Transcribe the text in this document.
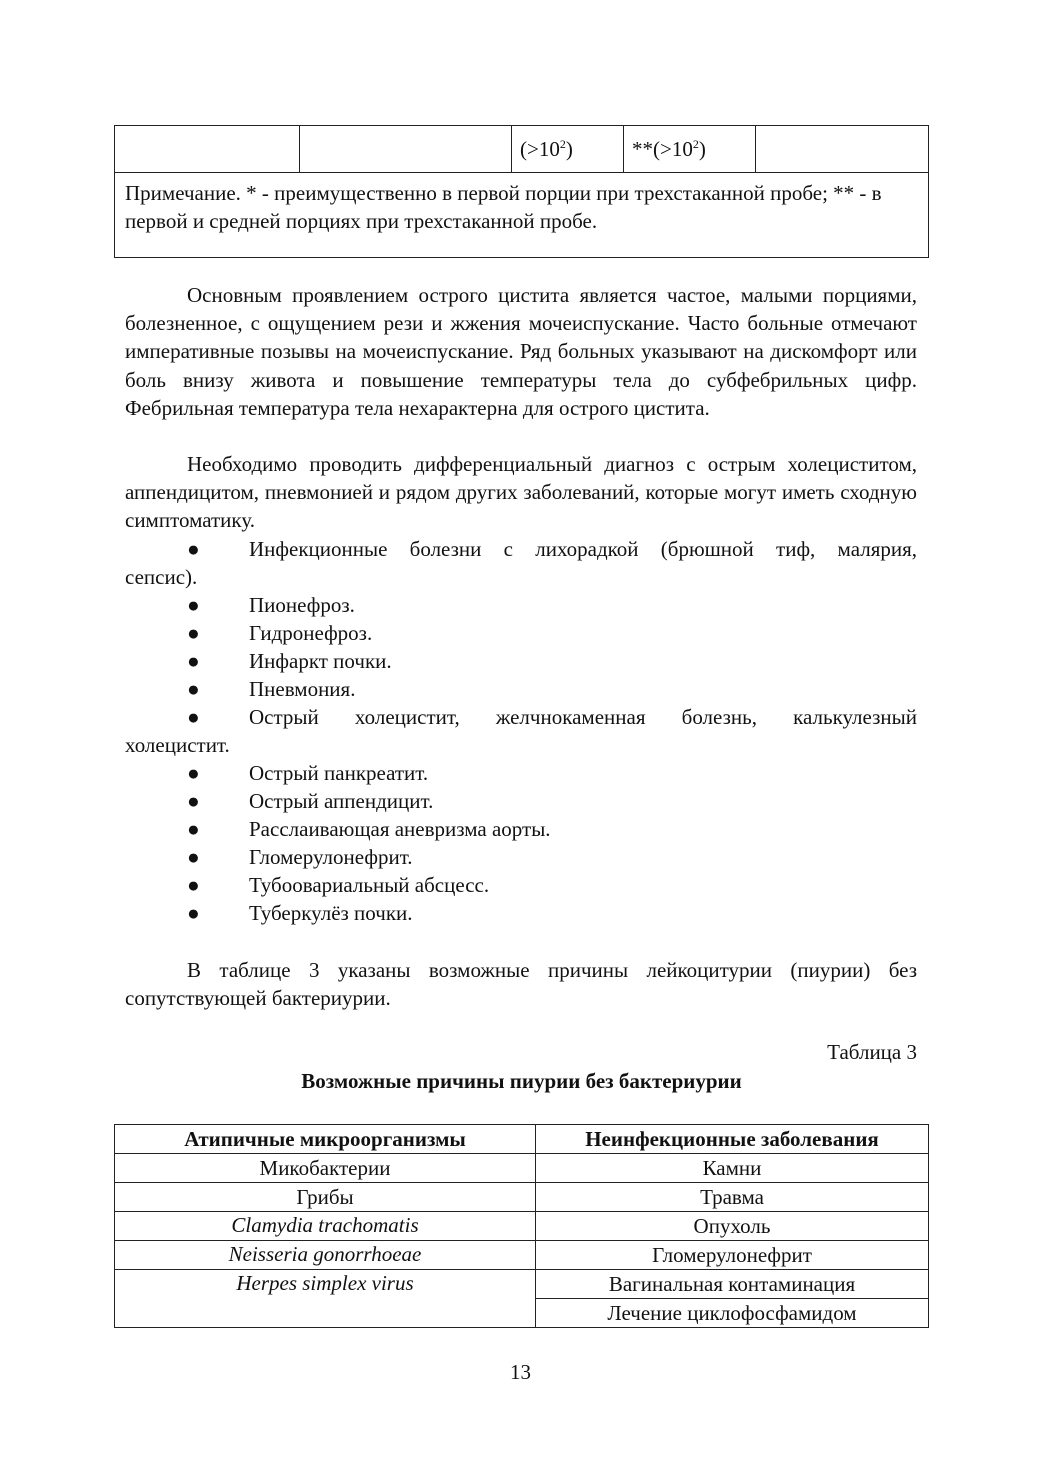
		$(>10^2)$	$**(>10^2)$	
Примечание. * - преимущественно в первой порции при трехстаканной пробе; ** - в первой и средней порциях при трехстаканной пробе.

Основным проявлением острого цистита является частое, малыми порциями, болезненное, с ощущением рези и жжения мочеиспускание. Часто больные отмечают императивные позывы на мочеиспускание. Ряд больных указывают на дискомфорт или боль внизу живота и повышение температуры тела до субфебрильных цифр. Фебрильная температура тела нехарактерна для острого цистита.

Необходимо проводить дифференциальный диагноз с острым холециститом, аппендицитом, пневмонией и рядом других заболеваний, которые могут иметь сходную симптоматику.

● Инфекционные болезни с лихорадкой (брюшной тиф, малярия,
сепсис).
● Пионефроз.
● Гидронефроз.
● Инфаркт почки.
● Пневмония.
● Острый холецистит, желчнокаменная болезнь, калькулезный
холецистит.
● Острый панкреатит.
● Острый аппендицит.
● Расслаивающая аневризма аорты.
● Гломерулонефрит.
● Тубоовариальный абсцесс.
● Туберкулёз почки.

В таблице 3 указаны возможные причины лейкоцитурии (пиурии) без сопутствующей бактериурии.

Таблица 3
Возможные причины пиурии без бактериурии
Атипичные микроорганизмы	Неинфекционные заболевания
Микобактерии	Камни
Грибы	Травма
Clamydia trachomatis	Опухоль
Neisseria gonorrhoeae	Гломерулонефрит
Herpes simplex virus	Вагинальная контаминация
	Лечение циклофосфамидом
13
